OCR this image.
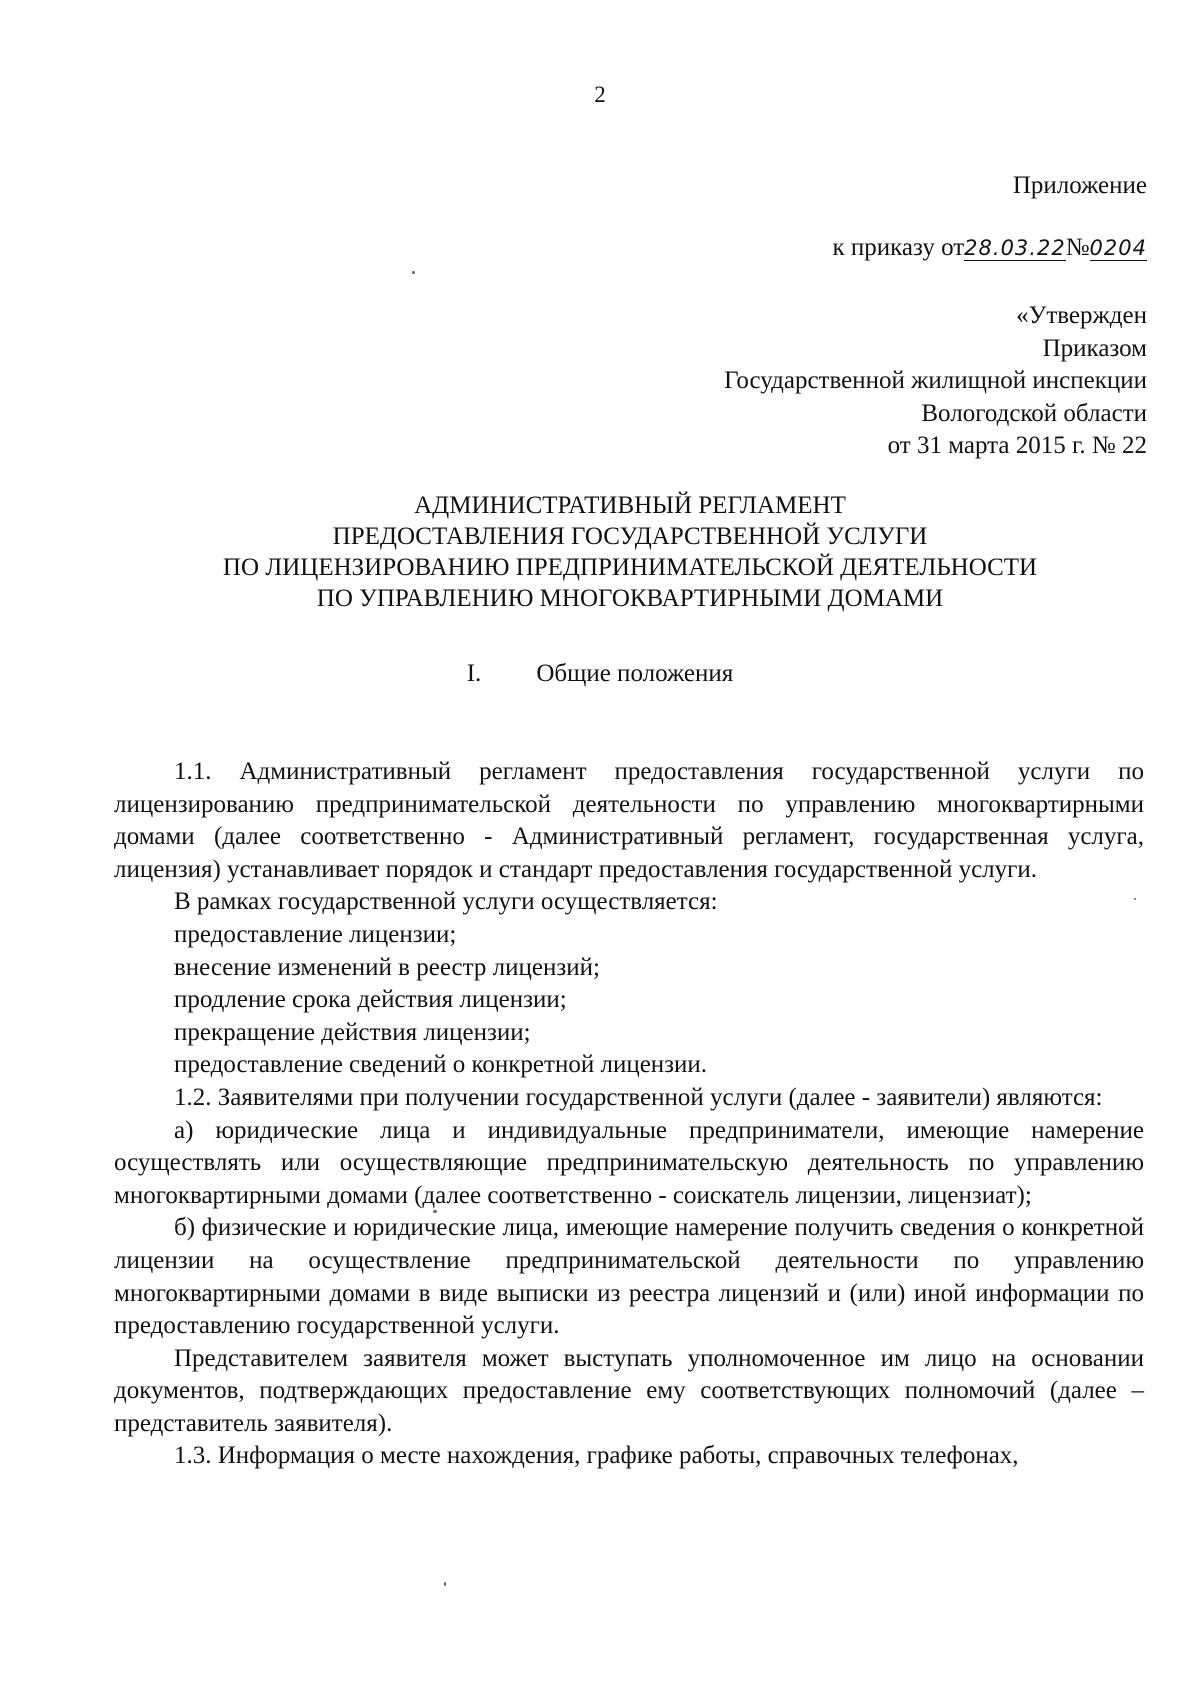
2
Приложение
к приказу от28.03.22№0204
«Утвержден
Приказом
Государственной жилищной инспекции
Вологодской области
от 31 марта 2015 г. № 22
АДМИНИСТРАТИВНЫЙ РЕГЛАМЕНТ
ПРЕДОСТАВЛЕНИЯ ГОСУДАРСТВЕННОЙ УСЛУГИ
ПО ЛИЦЕНЗИРОВАНИЮ ПРЕДПРИНИМАТЕЛЬСКОЙ ДЕЯТЕЛЬНОСТИ
ПО УПРАВЛЕНИЮ МНОГОКВАРТИРНЫМИ ДОМАМИ
I. Общие положения

1.1. Административный регламент предоставления государственной услуги по лицензированию предпринимательской деятельности по управлению многоквартирными домами (далее соответственно - Административный регламент, государственная услуга, лицензия) устанавливает порядок и стандарт предоставления государственной услуги.

В рамках государственной услуги осуществляется:

предоставление лицензии;

внесение изменений в реестр лицензий;

продление срока действия лицензии;

прекращение действия лицензии;

предоставление сведений о конкретной лицензии.

1.2. Заявителями при получении государственной услуги (далее - заявители) являются:

а) юридические лица и индивидуальные предприниматели, имеющие намерение осуществлять или осуществляющие предпринимательскую деятельность по управлению многоквартирными домами (далее соответственно - соискатель лицензии, лицензиат);

б) физические и юридические лица, имеющие намерение получить сведения о конкретной лицензии на осуществление предпринимательской деятельности по управлению многоквартирными домами в виде выписки из реестра лицензий и (или) иной информации по предоставлению государственной услуги.

Представителем заявителя может выступать уполномоченное им лицо на основании документов, подтверждающих предоставление ему соответствующих полномочий (далее – представитель заявителя).

1.3. Информация о месте нахождения, графике работы, справочных телефонах,
